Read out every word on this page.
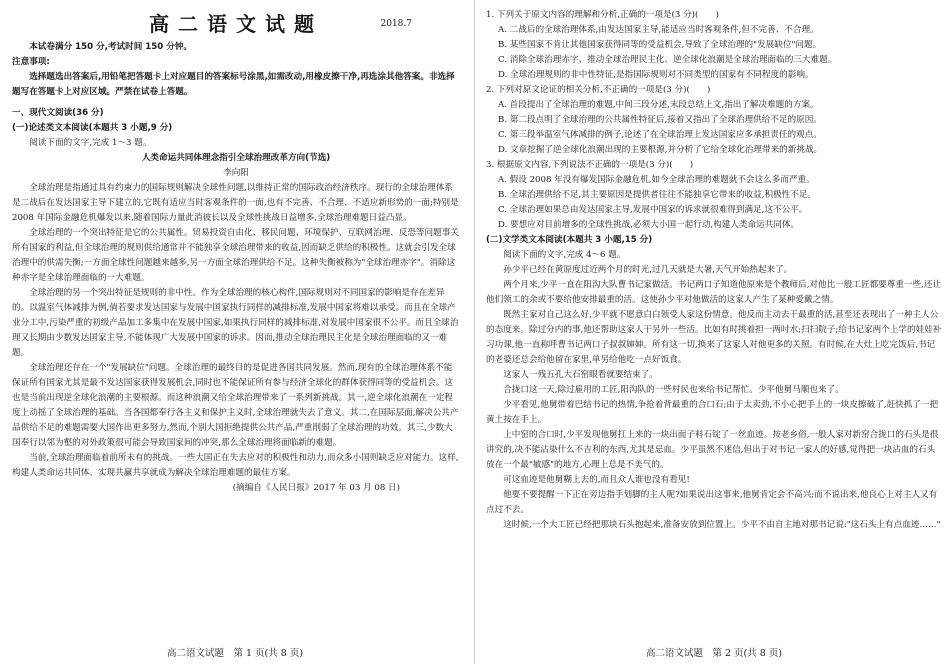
高二语文试题	2018.7

本试卷满分 150 分,考试时间 150 分钟。

注意事项:

选择题选出答案后,用铅笔把答题卡上对应题目的答案标号涂黑,如需改动,用橡皮擦干净,再选涂其他答案。非选择题写在答题卡上对应区域。严禁在试卷上答题。

一、现代文阅读(36 分)

(一)论述类文本阅读(本题共 3 小题,9 分)

阅读下面的文字,完成 1～3 题。

人类命运共同体理念指引全球治理改革方向(节选)

李向阳

全球治理是指通过具有约束力的国际规则解决全球性问题,以维持正常的国际政治经济秩序。现行的全球治理体系是二战后在发达国家主导下建立的,它既有适应当时客观条件的一面,也有不完善、不合理、不适应新形势的一面;特别是 2008 年国际金融危机爆发以来,随着国际力量此消彼长以及全球性挑战日益增多,全球治理难题日益凸显。

全球治理的一个突出特征是它的公共属性。贸易投资自由化、移民问题、环境保护、互联网治理、反恐等问题事关所有国家的利益,但全球治理的规则供给通常并不能独享全球治理带来的收益,因而缺乏供给的积极性。这就会引发全球治理中的供需失衡;一方面全球性问题越来越多,另一方面全球治理供给不足。这种失衡被称为"全球治理赤字"。消除这种赤字是全球治理面临的一大难题。

全球治理的另一个突出特征是规则的非中性。作为全球治理的核心构件,国际规则对不同国家的影响是存在差异的。以温室气体减排为例,倘若要求发达国家与发展中国家执行同样的减排标准,发展中国家将难以承受。而且在全球产业分工中,污染严重的初级产品加工多集中在发展中国家,如果执行同样的减排标准,对发展中国家很不公平。而且全球治理又长期由少数发达国家主导,不能体现广大发展中国家的诉求。因而,推动全球治理民主化是全球治理面临的又一难题。

全球治理还存在一个"发展缺位"问题。全球治理的最终目的是促进各国共同发展。然而,现有的全球治理体系不能保证所有国家尤其是最不发达国家获得发展机会,同时也不能保证所有参与经济全球化的群体获得同等的受益机会。这也是当前出现逆全球化浪潮的主要根源。而这种浪潮又给全球治理带来了一系列新挑战。其一,逆全球化浪潮在一定程度上动摇了全球治理的基础。当各国都奉行各主义和保护主义时,全球治理就失去了意义。其二,在国际层面,解决公共产品供给不足的难题需要大国作出更多努力,然而,个别大国拒绝提供公共产品,严重削弱了全球治理的功效。其三,少数大国奉行以邻为壑的对外政策很可能会导致国家间的冲突,那么全球治理将面临新的难题。

当前,全球治理面临着前所未有的挑战。一些大国正在失去应对的积极性和动力,而众多小国则缺乏应对能力。这样,构建人类命运共同体、实现共赢共享就成为解决全球治理难题的最佳方案。

(摘编自《人民日报》2017 年 03 月 08 日)

高二语文试题　第 1 页(共 8 页)

1. 下列关于原文内容的理解和分析,正确的一项是(3 分)(　　)

A. 二战后的全球治理体系,由发达国家主导,能适应当时客观条件,但不完善、不合理。

B. 某些国家不肯让其他国家获得同等的受益机会,导致了全球治理的"发展缺位"问题。

C. 消除全球治理赤字、推动全球治理民主化、逆全球化浪潮是全球治理面临的三大难题。

D. 全球治理规则的非中性特征,是指国际规则对不同类型的国家有不同程度的影响。

2. 下列对原文论证的相关分析,不正确的一项是(3 分)(　　)

A. 首段提出了全球治理的难题,中间三段分述,末段总结上文,指出了解决难题的方案。

B. 第二段点明了全球治理的公共属性特征后,接着又指出了全球治理供给不足的原因。

C. 第三段举温室气体减排的例子,论述了在全球治理上发达国家应多承担责任的观点。

D. 文章挖掘了逆全球化浪潮出现的主要根源,并分析了它给全球化治理带来的新挑战。

3. 根据原文内容,下列说法不正确的一项是(3 分)(　　)

A. 假设 2008 年没有爆发国际金融危机,如今全球治理的难题就不会这么多而严重。

B. 全球治理供给不足,其主要原因是提供者往往不能独享它带来的收益,积极性不足。

C. 全球治理如果总由发达国家主导,发展中国家的诉求就很难得到满足,这不公平。

D. 要想应对目前增多的全球性挑战,必须大小国一起行动,构建人类命运共同体。

(二)文学类文本阅读(本题共 3 小题,15 分)

阅读下面的文字,完成 4～6 题。

孙少平已经在黄原度过近两个月的时光,过几天就是大暑,天气开始热起来了。

两个月来,少平一直在阳沟大队曹书记家做活。书记两口子知道他原来是个教师后,对他比一般工匠都要尊重一些,还让他们领工的余或不要给他安排最重的活。这使孙少平对他做活的这家人产生了某种爱戴之情。

既然主家对自己这么好,少平就不愿意白白领受人家这份情意。他反而主动去干最重的活,甚至还表现出了一种主人公的态度来。除过分内的事,他还帮助这家人干另外一些活。比如有时挑着担一两吋水;扫扫院子;给书记家两个上学的娃娃补习功课,他一直称呼曹书记两口子叔叔婶婶。所有这一切,换来了这家人对他更多的关照。有时候,在大灶上吃完饭后,书记的老婆还总会给他留在家里,单另给他吃一点好饭食。

这家人一残五孔大石窑眼看就要结束了。

合拢口这一天,除过雇用的工匠,阳沟队的一些村民也来给书记帮忙。少平他舅马顺也来了。

少平看见,他舅带着巴结书记的热情,争抢着背最重的合口石;由于太卖劲,不小心把手上的一块皮擦破了,赶快抓了一把黄土按在手上。

上中窑的合口时,少平发现他舅扛上来的一块出面子料石锭了一丝血迹。按老乡俗,一般人家对新窑合拢口的石头是很讲究的,决不能沾染什么不吉利的东西,尤其是忌血。少平虽然不迷信,但出于对书记一家人的好感,觉得把一块沾血的石头放在一个最"敏感"的地方,心理上总是不美气的。

可这血迹是他舅糊上去的,而且众人谁也没有看见!

他要不要提醒一下正在旁边指手划脚的主人呢?如果说出这事来,他舅肯定会不高兴;而不说出来,他良心上对主人又有点过不去。

这时候,一个大工匠已经把那块石头抱起来,准备安放到位置上。少平不由自主地对那书记说:"这石头上有点血迹……"

高二语文试题　第 2 页(共 8 页)
